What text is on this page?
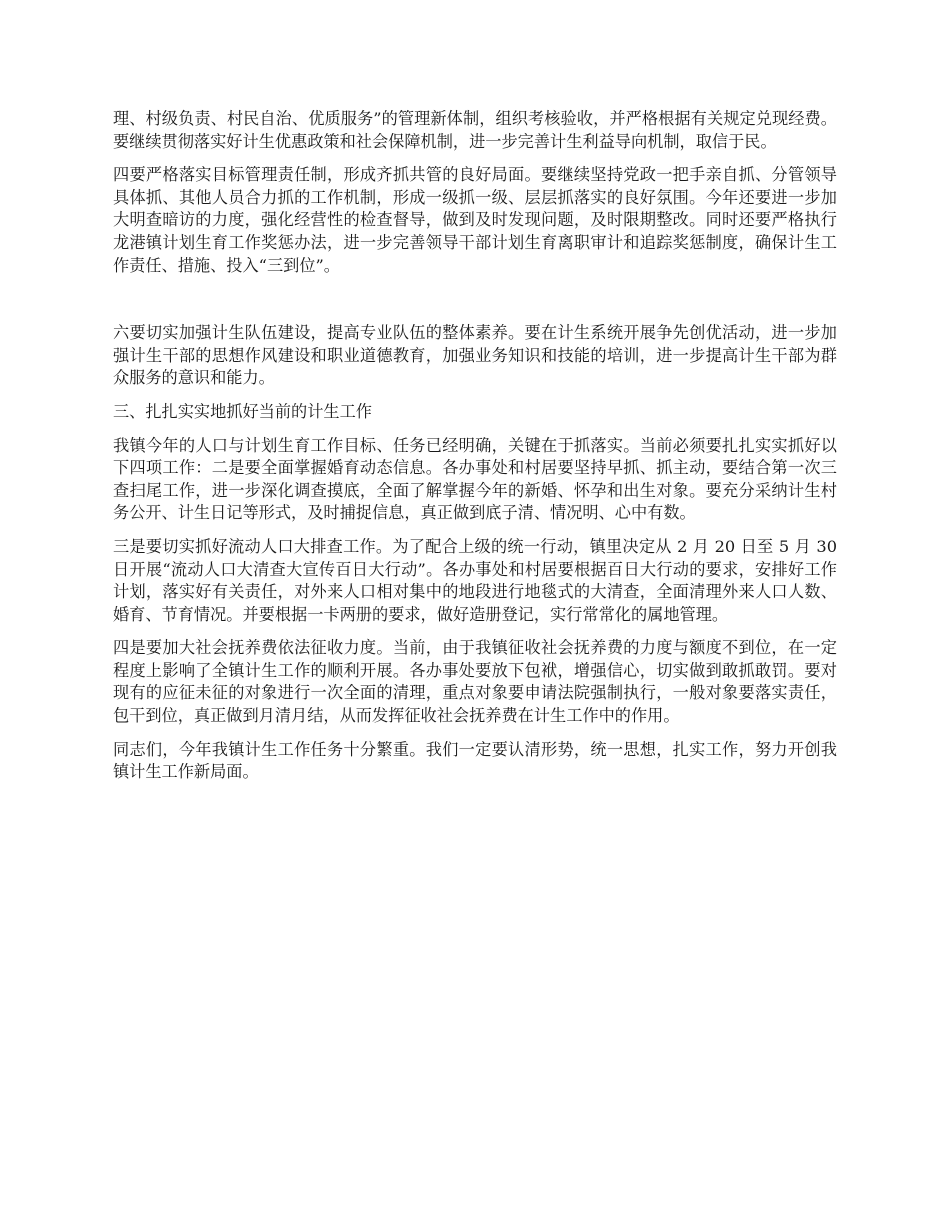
理、村级负责、村民自治、优质服务”的管理新体制，组织考核验收，并严格根据有关规定兑现经费。要继续贯彻落实好计生优惠政策和社会保障机制，进一步完善计生利益导向机制，取信于民。

四要严格落实目标管理责任制，形成齐抓共管的良好局面。要继续坚持党政一把手亲自抓、分管领导具体抓、其他人员合力抓的工作机制，形成一级抓一级、层层抓落实的良好氛围。今年还要进一步加大明查暗访的力度，强化经营性的检查督导，做到及时发现问题，及时限期整改。同时还要严格执行龙港镇计划生育工作奖惩办法，进一步完善领导干部计划生育离职审计和追踪奖惩制度，确保计生工作责任、措施、投入“三到位”。

六要切实加强计生队伍建设，提高专业队伍的整体素养。要在计生系统开展争先创优活动，进一步加强计生干部的思想作风建设和职业道德教育，加强业务知识和技能的培训，进一步提高计生干部为群众服务的意识和能力。

三、扎扎实实地抓好当前的计生工作

我镇今年的人口与计划生育工作目标、任务已经明确，关键在于抓落实。当前必须要扎扎实实抓好以下四项工作：二是要全面掌握婚育动态信息。各办事处和村居要坚持早抓、抓主动，要结合第一次三查扫尾工作，进一步深化调查摸底，全面了解掌握今年的新婚、怀孕和出生对象。要充分采纳计生村务公开、计生日记等形式，及时捕捉信息，真正做到底子清、情况明、心中有数。

三是要切实抓好流动人口大排查工作。为了配合上级的统一行动，镇里决定从 2 月 20 日至 5 月 30 日开展“流动人口大清查大宣传百日大行动”。各办事处和村居要根据百日大行动的要求，安排好工作计划，落实好有关责任，对外来人口相对集中的地段进行地毯式的大清查，全面清理外来人口人数、婚育、节育情况。并要根据一卡两册的要求，做好造册登记，实行常常化的属地管理。

四是要加大社会抚养费依法征收力度。当前，由于我镇征收社会抚养费的力度与额度不到位，在一定程度上影响了全镇计生工作的顺利开展。各办事处要放下包袱，增强信心，切实做到敢抓敢罚。要对现有的应征未征的对象进行一次全面的清理，重点对象要申请法院强制执行，一般对象要落实责任，包干到位，真正做到月清月结，从而发挥征收社会抚养费在计生工作中的作用。

同志们，今年我镇计生工作任务十分繁重。我们一定要认清形势，统一思想，扎实工作，努力开创我镇计生工作新局面。
